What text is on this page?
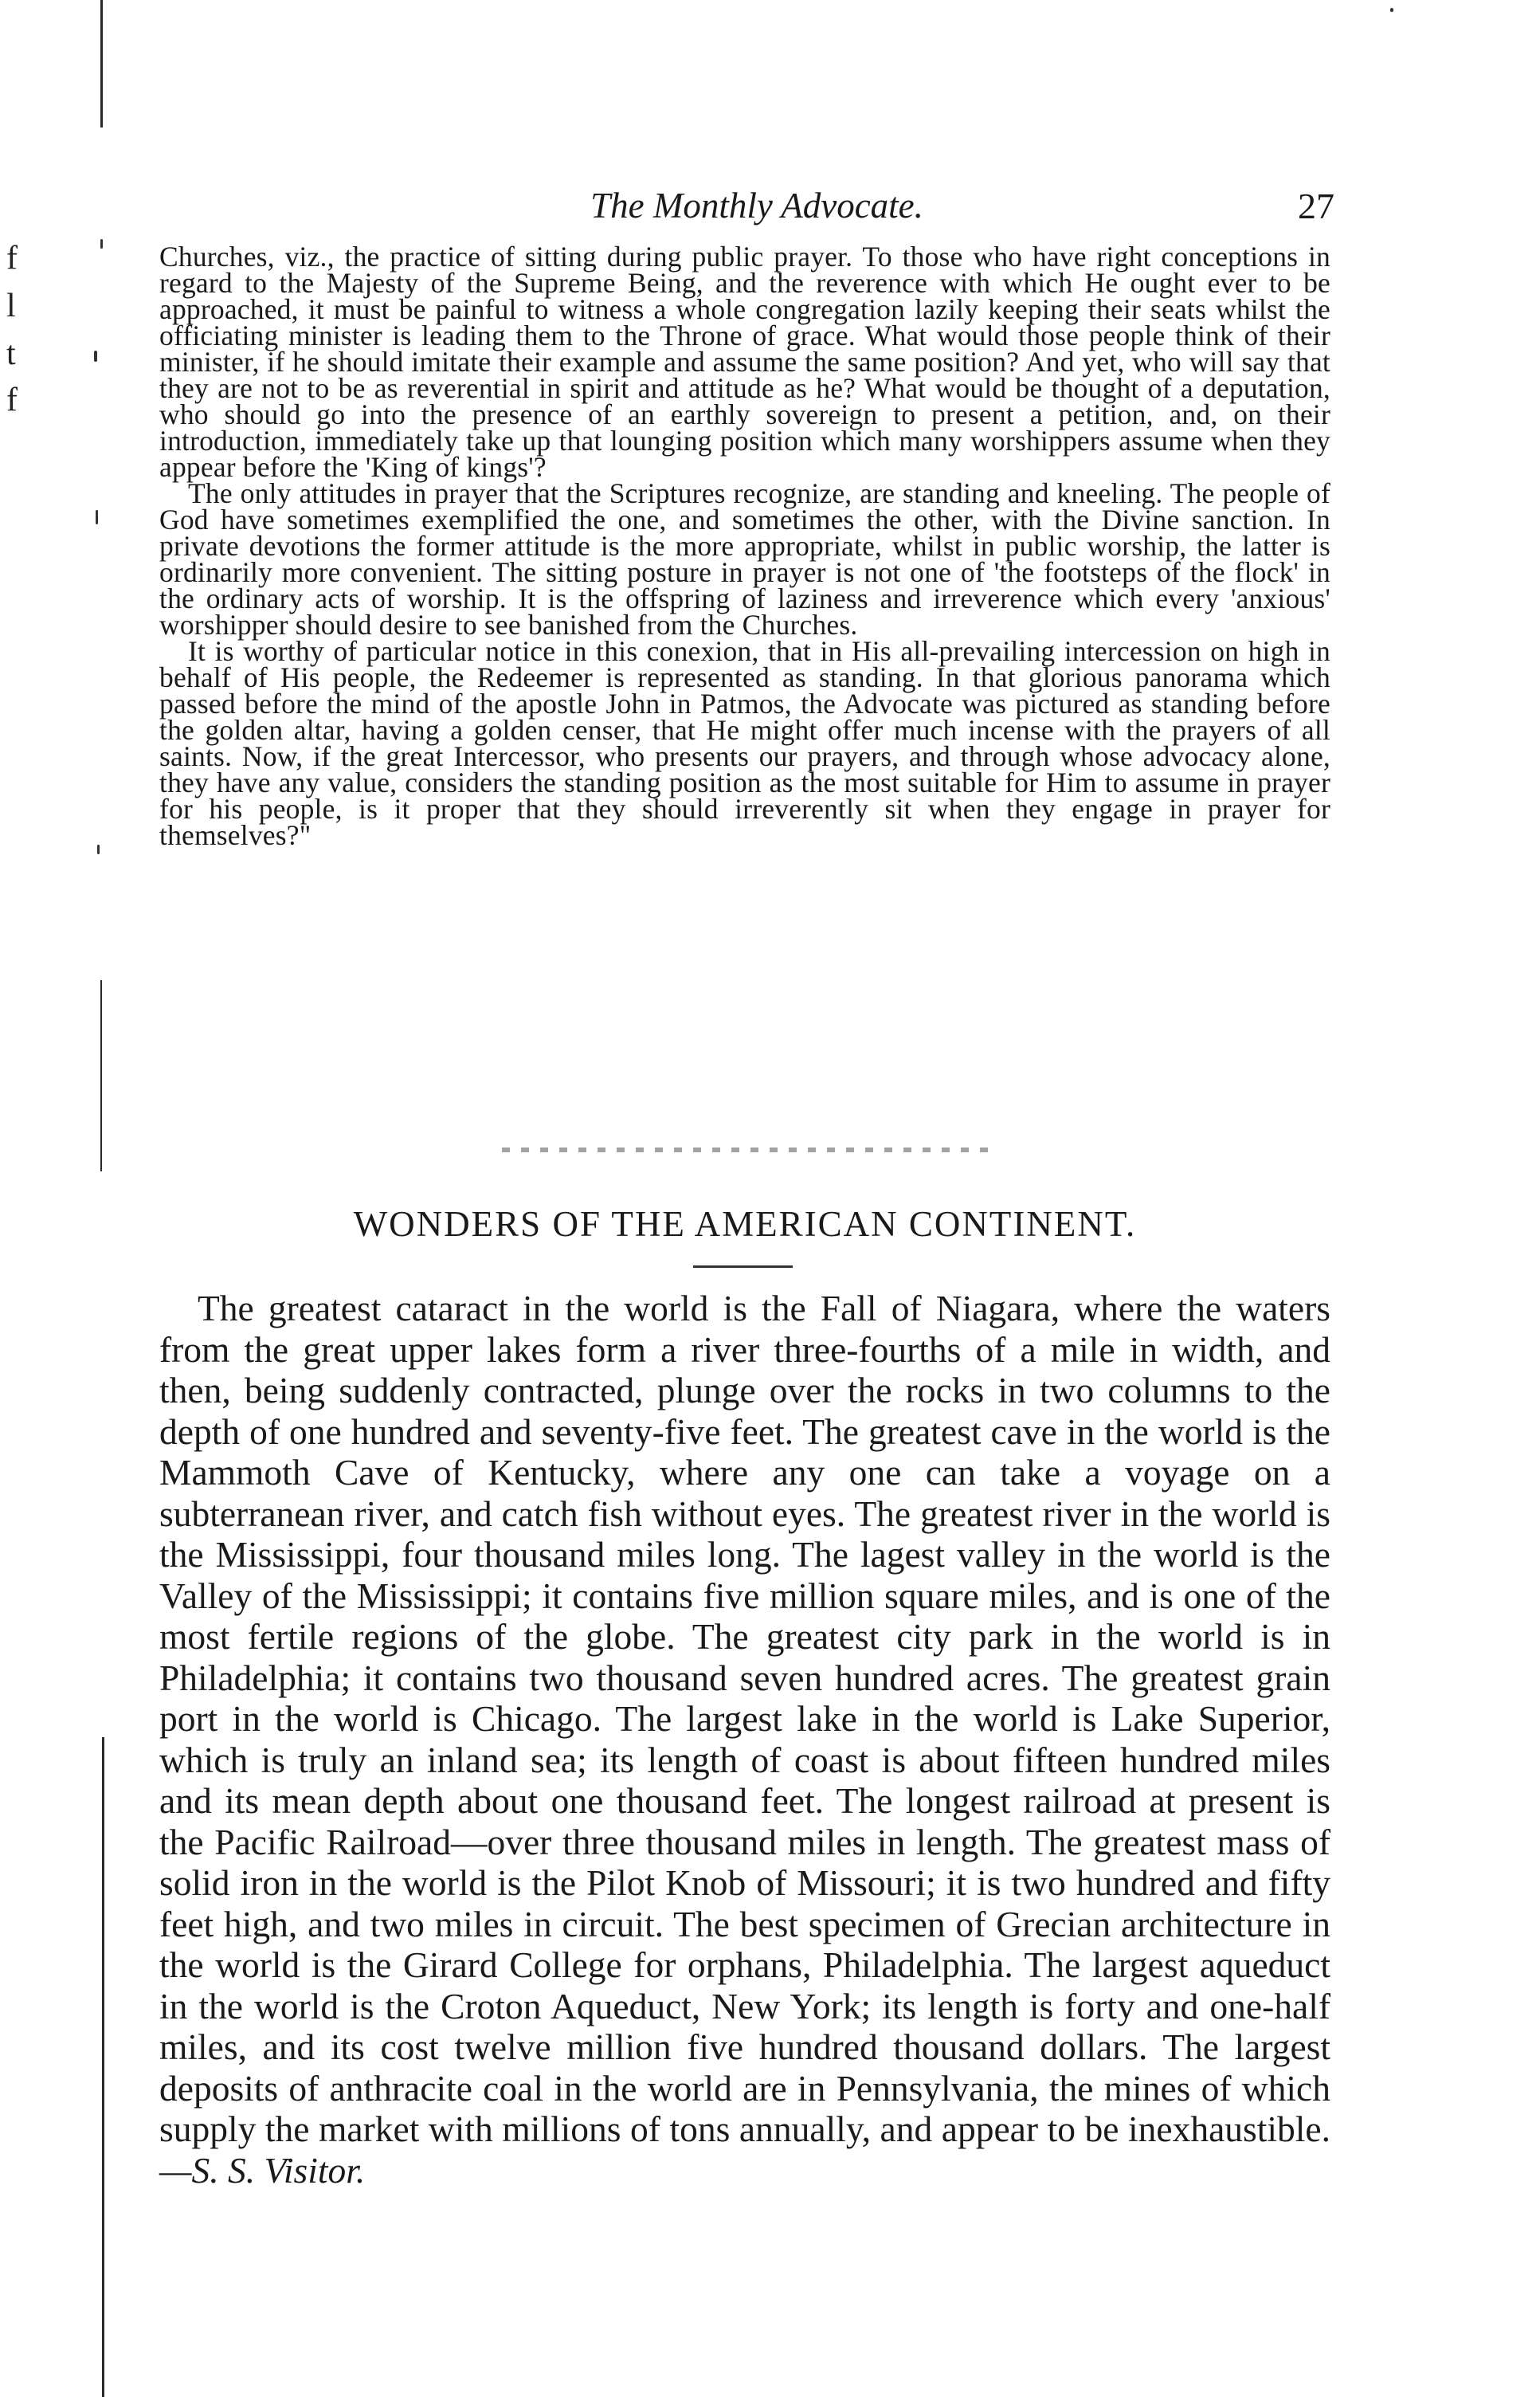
f
l
t
f
The Monthly Advocate.	27

Churches, viz., the practice of sitting during public prayer. To those who have right conceptions in regard to the Majesty of the Supreme Being, and the reverence with which He ought ever to be approached, it must be painful to witness a whole congregation lazily keeping their seats whilst the officiating minister is leading them to the Throne of grace. What would those people think of their minister, if he should imitate their example and assume the same position? And yet, who will say that they are not to be as reverential in spirit and attitude as he? What would be thought of a deputation, who should go into the presence of an earthly sovereign to present a petition, and, on their introduction, immediately take up that lounging position which many worshippers assume when they appear before the 'King of kings'?

The only attitudes in prayer that the Scriptures recognize, are standing and kneeling. The people of God have sometimes exemplified the one, and sometimes the other, with the Divine sanction. In private devotions the former attitude is the more appropriate, whilst in public worship, the latter is ordinarily more convenient. The sitting posture in prayer is not one of 'the footsteps of the flock' in the ordinary acts of worship. It is the offspring of laziness and irreverence which every 'anxious' worshipper should desire to see banished from the Churches.

It is worthy of particular notice in this conexion, that in His all-prevailing intercession on high in behalf of His people, the Redeemer is represented as standing. In that glorious panorama which passed before the mind of the apostle John in Patmos, the Advocate was pictured as standing before the golden altar, having a golden censer, that He might offer much incense with the prayers of all saints. Now, if the great Intercessor, who presents our prayers, and through whose advocacy alone, they have any value, considers the standing position as the most suitable for Him to assume in prayer for his people, is it proper that they should irreverently sit when they engage in prayer for themselves?"

WONDERS OF THE AMERICAN CONTINENT.

The greatest cataract in the world is the Fall of Niagara, where the waters from the great upper lakes form a river three-fourths of a mile in width, and then, being suddenly contracted, plunge over the rocks in two columns to the depth of one hundred and seventy-five feet. The greatest cave in the world is the Mammoth Cave of Kentucky, where any one can take a voyage on a subterranean river, and catch fish without eyes. The greatest river in the world is the Mississippi, four thousand miles long. The lagest valley in the world is the Valley of the Mississippi; it contains five million square miles, and is one of the most fertile regions of the globe. The greatest city park in the world is in Philadelphia; it contains two thousand seven hundred acres. The greatest grain port in the world is Chicago. The largest lake in the world is Lake Superior, which is truly an inland sea; its length of coast is about fifteen hundred miles and its mean depth about one thousand feet. The longest railroad at present is the Pacific Railroad—over three thousand miles in length. The greatest mass of solid iron in the world is the Pilot Knob of Missouri; it is two hundred and fifty feet high, and two miles in circuit. The best specimen of Grecian architecture in the world is the Girard College for orphans, Philadelphia. The largest aqueduct in the world is the Croton Aqueduct, New York; its length is forty and one-half miles, and its cost twelve million five hundred thousand dollars. The largest deposits of anthracite coal in the world are in Pennsylvania, the mines of which supply the market with millions of tons annually, and appear to be inexhaustible.—S. S. Visitor.
